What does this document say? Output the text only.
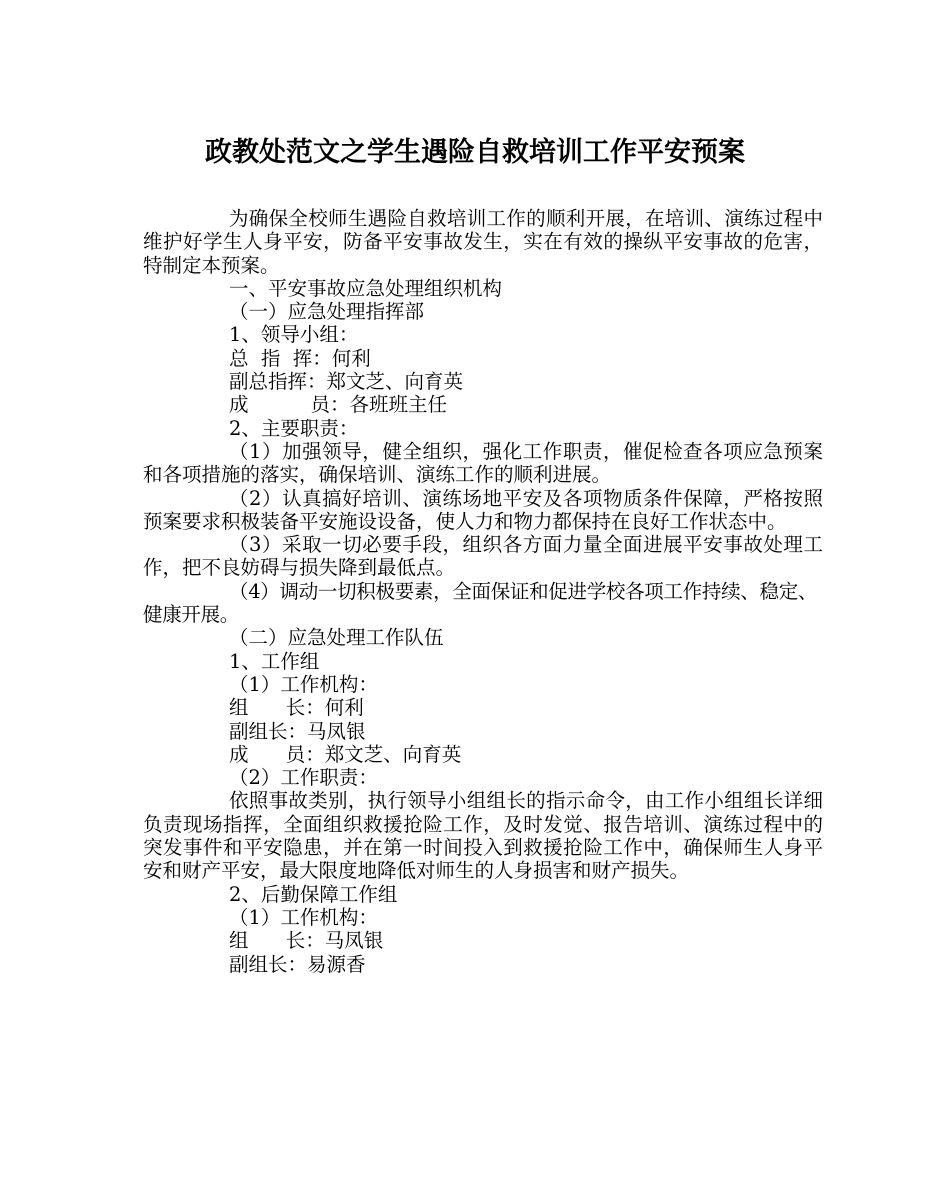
政教处范文之学生遇险自救培训工作平安预案

为确保全校师生遇险自救培训工作的顺利开展，在培训、演练过程中维护好学生人身平安，防备平安事故发生，实在有效的操纵平安事故的危害，特制定本预案。

一、平安事故应急处理组织机构

（一）应急处理指挥部

1、领导小组：

总  指  挥：何利

副总指挥：郑文芝、向育英

成          员：各班班主任

2、主要职责：

（1）加强领导，健全组织，强化工作职责，催促检查各项应急预案和各项措施的落实，确保培训、演练工作的顺利进展。

（2）认真搞好培训、演练场地平安及各项物质条件保障，严格按照预案要求积极装备平安施设设备，使人力和物力都保持在良好工作状态中。

（3）采取一切必要手段，组织各方面力量全面进展平安事故处理工作，把不良妨碍与损失降到最低点。

（4）调动一切积极要素，全面保证和促进学校各项工作持续、稳定、健康开展。

（二）应急处理工作队伍

1、工作组

（1）工作机构：

组      长：何利

副组长：马凤银

成      员：郑文芝、向育英

（2）工作职责：

依照事故类别，执行领导小组组长的指示命令，由工作小组组长详细负责现场指挥，全面组织救援抢险工作，及时发觉、报告培训、演练过程中的突发事件和平安隐患，并在第一时间投入到救援抢险工作中，确保师生人身平安和财产平安，最大限度地降低对师生的人身损害和财产损失。

2、后勤保障工作组

（1）工作机构：

组      长：马凤银

副组长：易源香
